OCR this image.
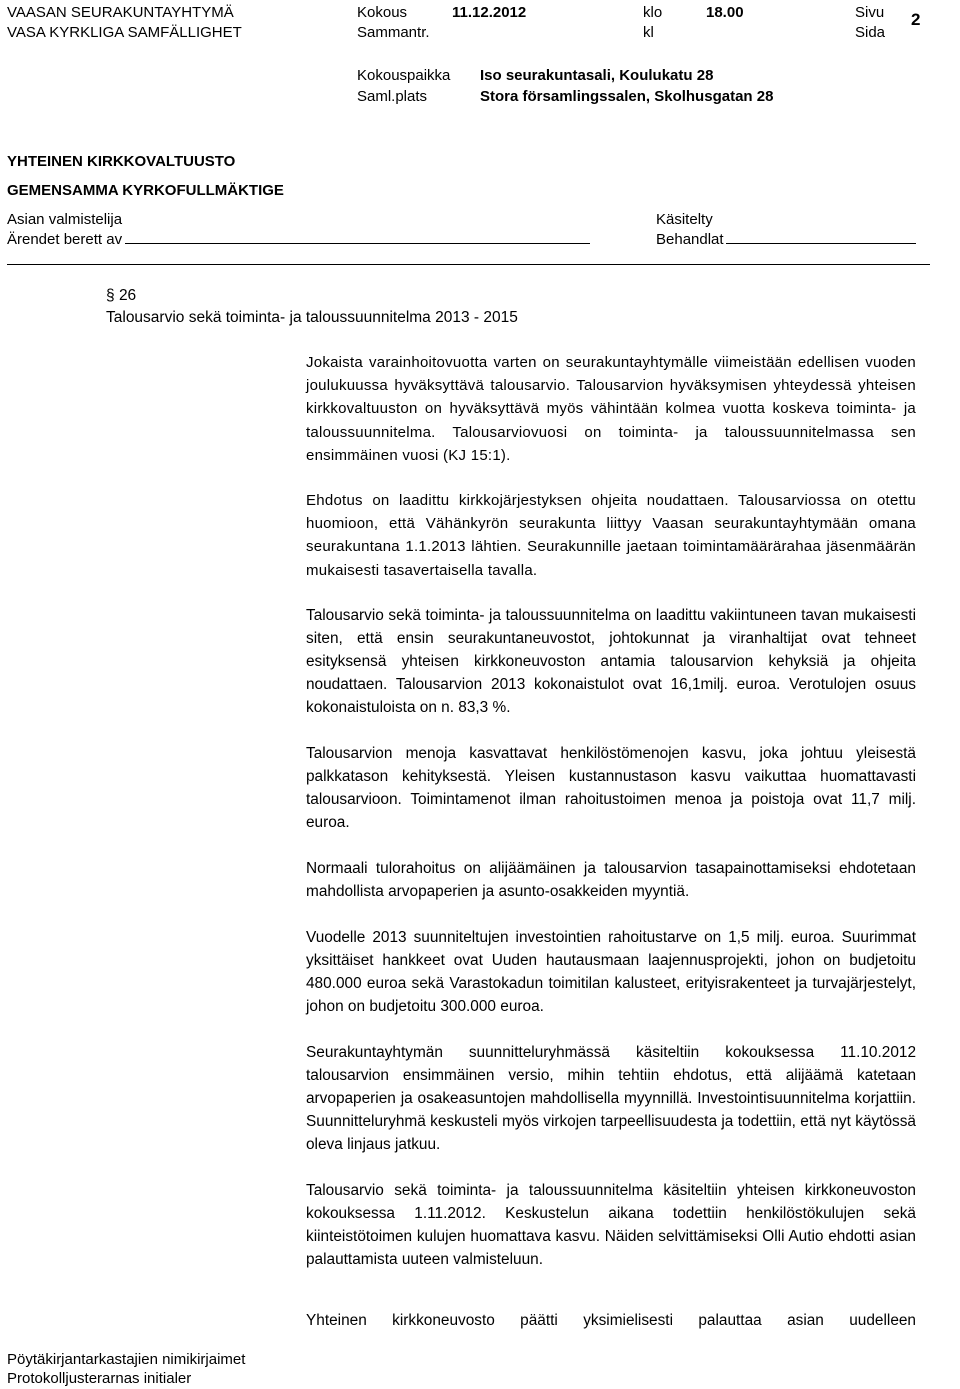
VAASAN SEURAKUNTAYHTYMÄ
VASA KYRKLIGA SAMFÄLLIGHET
Kokous
Sammantr.
11.12.2012	klo
kl
18.00	Sivu
Sida
2
Kokouspaikka
Saml.plats
Iso seurakuntasali, Koulukatu 28
Stora församlingssalen, Skolhusgatan 28
YHTEINEN KIRKKOVALTUUSTO
GEMENSAMMA KYRKOFULLMÄKTIGE
Asian valmistelija
Ärendet berett av
Käsitelty
Behandlat
§ 26
Talousarvio sekä toiminta- ja taloussuunnitelma 2013 - 2015

Jokaista varainhoitovuotta varten on seurakuntayhtymälle viimeistään edellisen vuoden joulukuussa hyväksyttävä talousarvio. Talousarvion hyväksymisen yhteydessä yhteisen kirkkovaltuuston on hyväksyttävä myös vähintään kolmea vuotta koskeva toiminta- ja taloussuunnitelma. Talousarviovuosi on toiminta- ja taloussuunnitelmassa sen ensimmäinen vuosi (KJ 15:1).

Ehdotus on laadittu kirkkojärjestyksen ohjeita noudattaen. Talousarviossa on otettu huomioon, että Vähänkyrön seurakunta liittyy Vaasan seurakuntayhtymään omana seurakuntana 1.1.2013 lähtien. Seurakunnille jaetaan toimintamäärärahaa jäsenmäärän mukaisesti tasavertaisella tavalla.

Talousarvio sekä toiminta- ja taloussuunnitelma on laadittu vakiintuneen tavan mukaisesti siten, että ensin seurakuntaneuvostot, johtokunnat ja viranhaltijat ovat tehneet esityksensä yhteisen kirkkoneuvoston antamia talousarvion kehyksiä ja ohjeita noudattaen. Talousarvion 2013 kokonaistulot ovat 16,1milj. euroa. Verotulojen osuus kokonaistuloista on n. 83,3 %.

Talousarvion menoja kasvattavat henkilöstömenojen kasvu, joka johtuu yleisestä palkkatason kehityksestä. Yleisen kustannustason kasvu vaikuttaa huomattavasti talousarvioon. Toimintamenot ilman rahoitustoimen menoa ja poistoja ovat 11,7 milj. euroa.

Normaali tulorahoitus on alijäämäinen ja talousarvion tasapainottamiseksi ehdotetaan mahdollista arvopaperien ja asunto-osakkeiden myyntiä.

Vuodelle 2013 suunniteltujen investointien rahoitustarve on 1,5 milj. euroa. Suurimmat yksittäiset hankkeet ovat Uuden hautausmaan laajennusprojekti, johon on budjetoitu 480.000 euroa sekä Varastokadun toimitilan kalusteet, erityisrakenteet ja turvajärjestelyt, johon on budjetoitu 300.000 euroa.

Seurakuntayhtymän suunnitteluryhmässä käsiteltiin kokouksessa 11.10.2012 talousarvion ensimmäinen versio, mihin tehtiin ehdotus, että alijäämä katetaan arvopaperien ja osakeasuntojen mahdollisella myynnillä. Investointisuunnitelma korjattiin. Suunnitteluryhmä keskusteli myös virkojen tarpeellisuudesta ja todettiin, että nyt käytössä oleva linjaus jatkuu.

Talousarvio sekä toiminta- ja taloussuunnitelma käsiteltiin yhteisen kirkkoneuvoston kokouksessa 1.11.2012. Keskustelun aikana todettiin henkilöstökulujen sekä kiinteistötoimen kulujen huomattava kasvu. Näiden selvittämiseksi Olli Autio ehdotti asian palauttamista uuteen valmisteluun.

Yhteinen kirkkoneuvosto päätti yksimielisesti palauttaa asian uudelleen

Pöytäkirjantarkastajien nimikirjaimet
Protokolljusterarnas initialer
